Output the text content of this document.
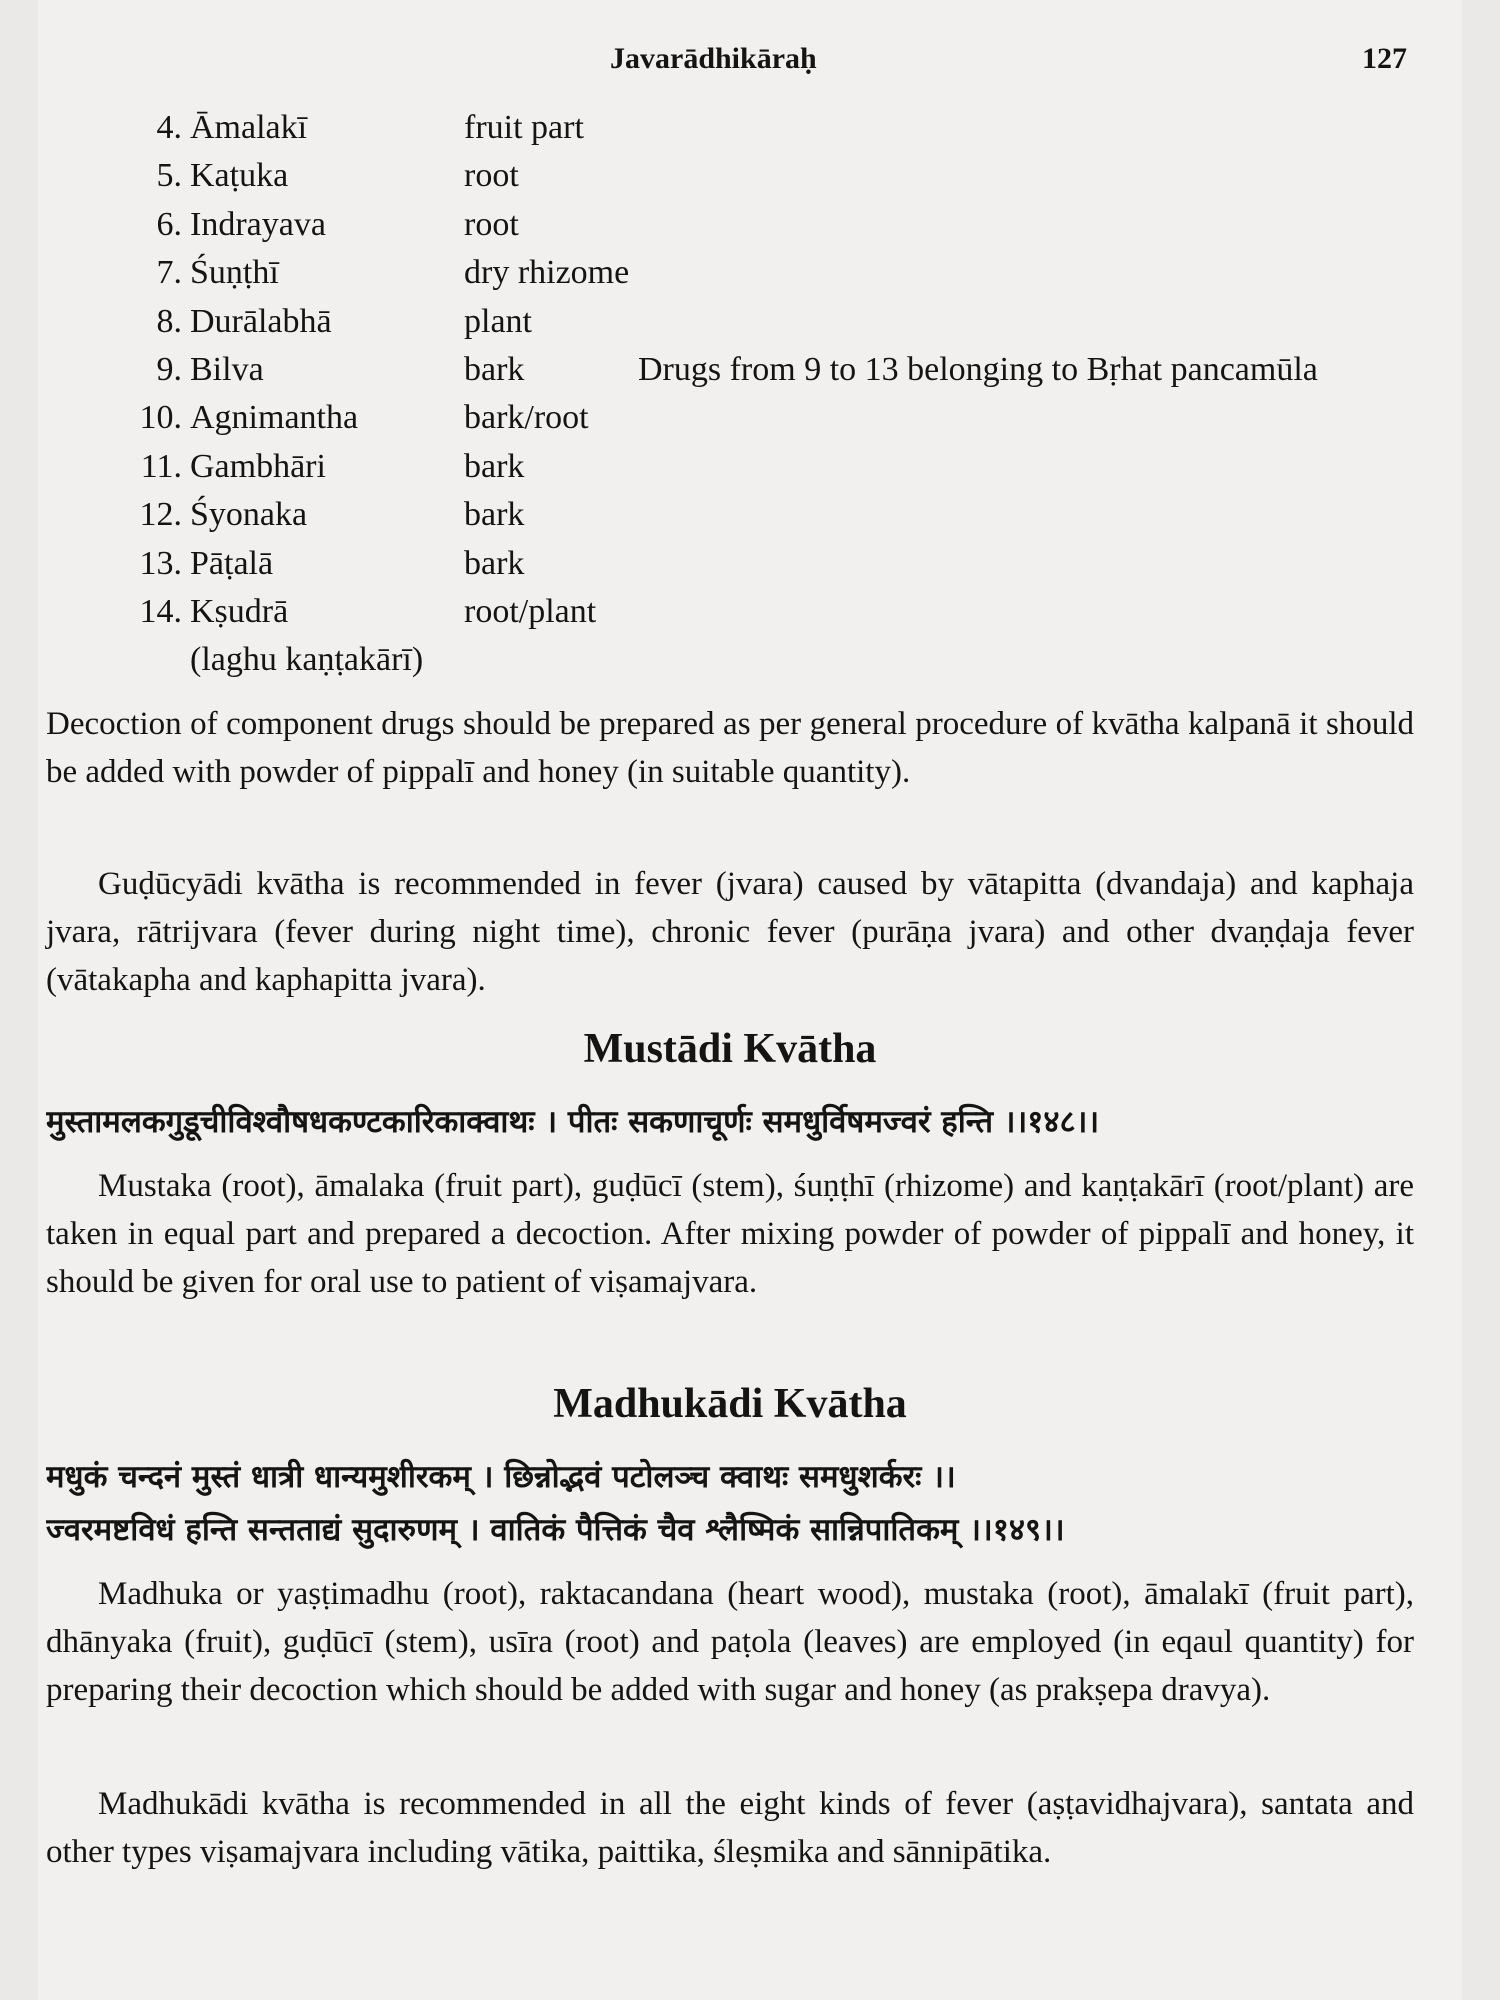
Javarādhikāraḥ	127
4. Āmalakī	fruit part
5. Kaṭuka	root
6. Indrayava	root
7. Śuṇṭhī	dry rhizome
8. Durālabhā	plant
9. Bilva	bark	Drugs from 9 to 13 belonging to Bṛhat pancamūla
10. Agnimantha	bark/root
11. Gambhāri	bark
12. Śyonaka	bark
13. Pāṭalā	bark
14. Kṣudrā	root/plant
(laghu kaṇṭakārī)

Decoction of component drugs should be prepared as per general procedure of kvātha kalpanā it should be added with powder of pippalī and honey (in suitable quantity).

Guḍūcyādi kvātha is recommended in fever (jvara) caused by vātapitta (dvandaja) and kaphaja jvara, rātrijvara (fever during night time), chronic fever (purāṇa jvara) and other dvaṇḍaja fever (vātakapha and kaphapitta jvara).

Mustādi Kvātha

मुस्तामलकगुडूचीविश्वौषधकण्टकारिकाक्वाथः । पीतः सकणाचूर्णः समधुर्विषमज्वरं हन्ति ।।१४८।।

Mustaka (root), āmalaka (fruit part), guḍūcī (stem), śuṇṭhī (rhizome) and kaṇṭakārī (root/plant) are taken in equal part and prepared a decoction. After mixing powder of powder of pippalī and honey, it should be given for oral use to patient of viṣamajvara.

Madhukādi Kvātha

मधुकं चन्दनं मुस्तं धात्री धान्यमुशीरकम् । छिन्नोद्भवं पटोलञ्च क्वाथः समधुशर्करः ।।

ज्वरमष्टविधं हन्ति सन्तताद्यं सुदारुणम् । वातिकं पैत्तिकं चैव श्लैष्मिकं सान्निपातिकम् ।।१४९।।

Madhuka or yaṣṭimadhu (root), raktacandana (heart wood), mustaka (root), āmalakī (fruit part), dhānyaka (fruit), guḍūcī (stem), usīra (root) and paṭola (leaves) are employed (in eqaul quantity) for preparing their decoction which should be added with sugar and honey (as prakṣepa dravya).

Madhukādi kvātha is recommended in all the eight kinds of fever (aṣṭavidhajvara), santata and other types viṣamajvara including vātika, paittika, śleṣmika and sānnipātika.
